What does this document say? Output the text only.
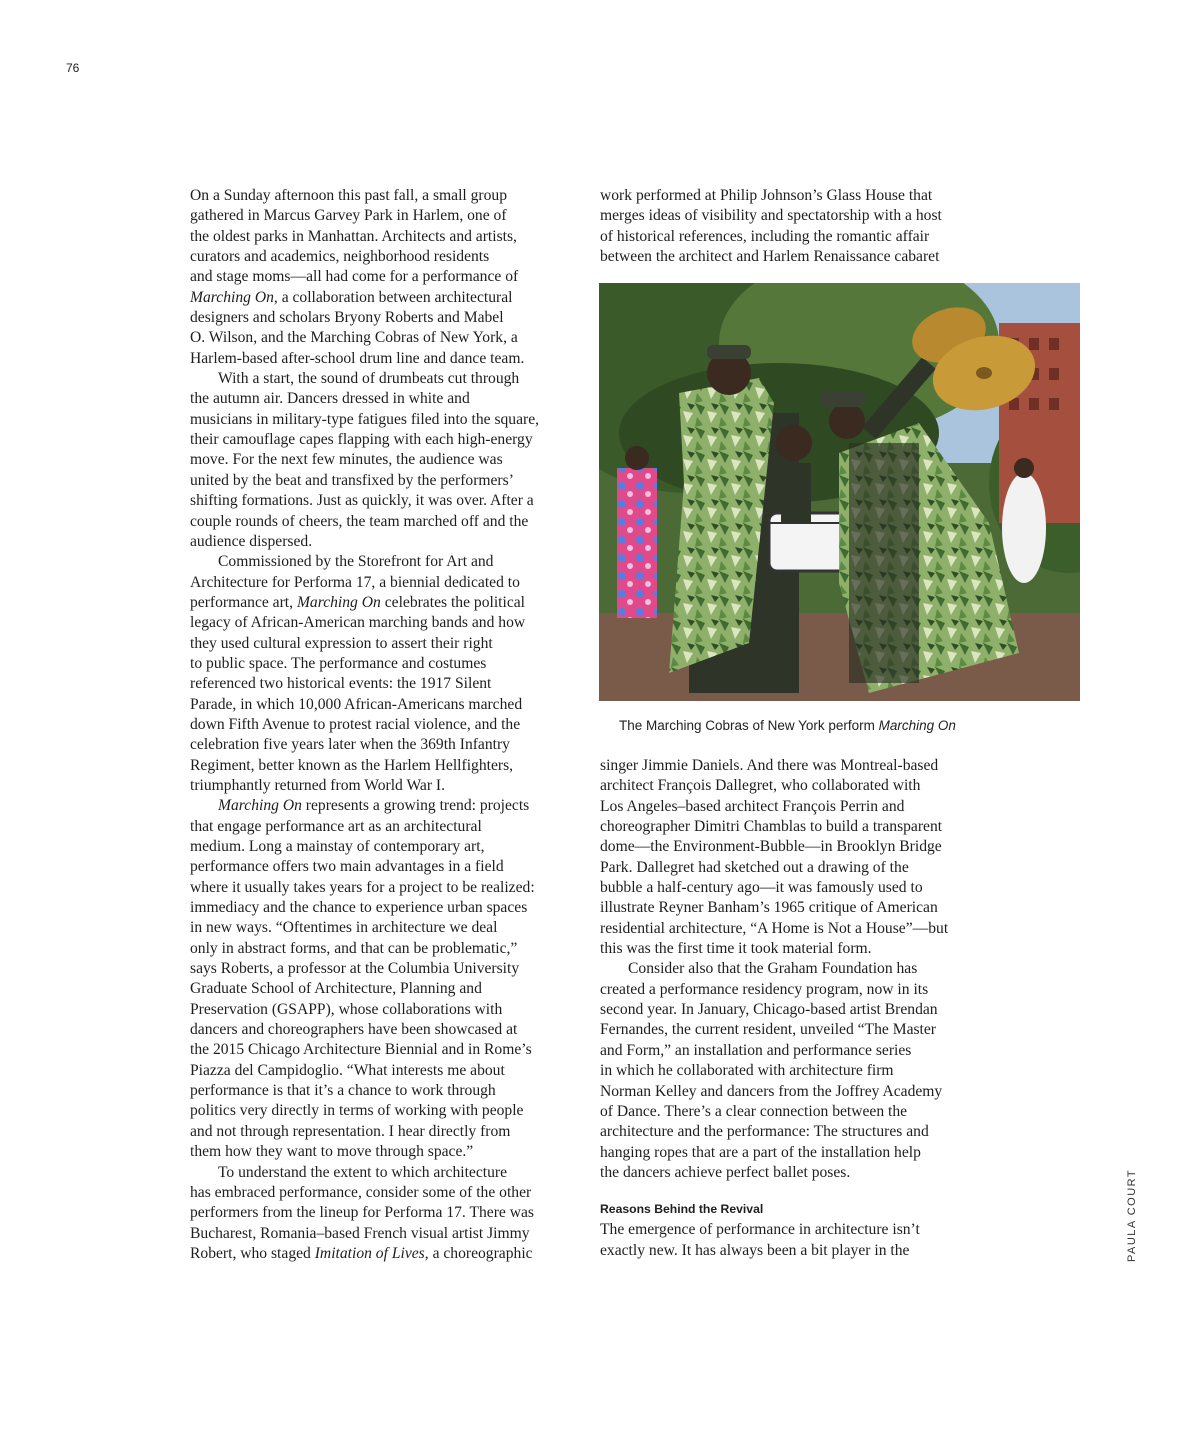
76
On a Sunday afternoon this past fall, a small group
gathered in Marcus Garvey Park in Harlem, one of
the oldest parks in Manhattan. Architects and artists,
curators and academics, neighborhood residents
and stage moms—all had come for a performance of
Marching On, a collaboration between architectural
designers and scholars Bryony Roberts and Mabel
O. Wilson, and the Marching Cobras of New York, a
Harlem-based after-school drum line and dance team.
With a start, the sound of drumbeats cut through
the autumn air. Dancers dressed in white and
musicians in military-type fatigues filed into the square,
their camouflage capes flapping with each high-energy
move. For the next few minutes, the audience was
united by the beat and transfixed by the performers’
shifting formations. Just as quickly, it was over. After a
couple rounds of cheers, the team marched off and the
audience dispersed.
Commissioned by the Storefront for Art and
Architecture for Performa 17, a biennial dedicated to
performance art, Marching On celebrates the political
legacy of African-American marching bands and how
they used cultural expression to assert their right
to public space. The performance and costumes
referenced two historical events: the 1917 Silent
Parade, in which 10,000 African-Americans marched
down Fifth Avenue to protest racial violence, and the
celebration five years later when the 369th Infantry
Regiment, better known as the Harlem Hellfighters,
triumphantly returned from World War I.
Marching On represents a growing trend: projects
that engage performance art as an architectural
medium. Long a mainstay of contemporary art,
performance offers two main advantages in a field
where it usually takes years for a project to be realized:
immediacy and the chance to experience urban spaces
in new ways. “Oftentimes in architecture we deal
only in abstract forms, and that can be problematic,”
says Roberts, a professor at the Columbia University
Graduate School of Architecture, Planning and
Preservation (GSAPP), whose collaborations with
dancers and choreographers have been showcased at
the 2015 Chicago Architecture Biennial and in Rome’s
Piazza del Campidoglio. “What interests me about
performance is that it’s a chance to work through
politics very directly in terms of working with people
and not through representation. I hear directly from
them how they want to move through space.”
To understand the extent to which architecture
has embraced performance, consider some of the other
performers from the lineup for Performa 17. There was
Bucharest, Romania–based French visual artist Jimmy
Robert, who staged Imitation of Lives, a choreographic
work performed at Philip Johnson’s Glass House that
merges ideas of visibility and spectatorship with a host
of historical references, including the romantic affair
between the architect and Harlem Renaissance cabaret
The Marching Cobras of New York perform Marching On
singer Jimmie Daniels. And there was Montreal-based
architect François Dallegret, who collaborated with
Los Angeles–based architect François Perrin and
choreographer Dimitri Chamblas to build a transparent
dome—the Environment-Bubble—in Brooklyn Bridge
Park. Dallegret had sketched out a drawing of the
bubble a half-century ago—it was famously used to
illustrate Reyner Banham’s 1965 critique of American
residential architecture, “A Home is Not a House”—but
this was the first time it took material form.
Consider also that the Graham Foundation has
created a performance residency program, now in its
second year. In January, Chicago-based artist Brendan
Fernandes, the current resident, unveiled “The Master
and Form,” an installation and performance series
in which he collaborated with architecture firm
Norman Kelley and dancers from the Joffrey Academy
of Dance. There’s a clear connection between the
architecture and the performance: The structures and
hanging ropes that are a part of the installation help
the dancers achieve perfect ballet poses.
Reasons Behind the Revival
The emergence of performance in architecture isn’t
exactly new. It has always been a bit player in the	PAULA COURT
